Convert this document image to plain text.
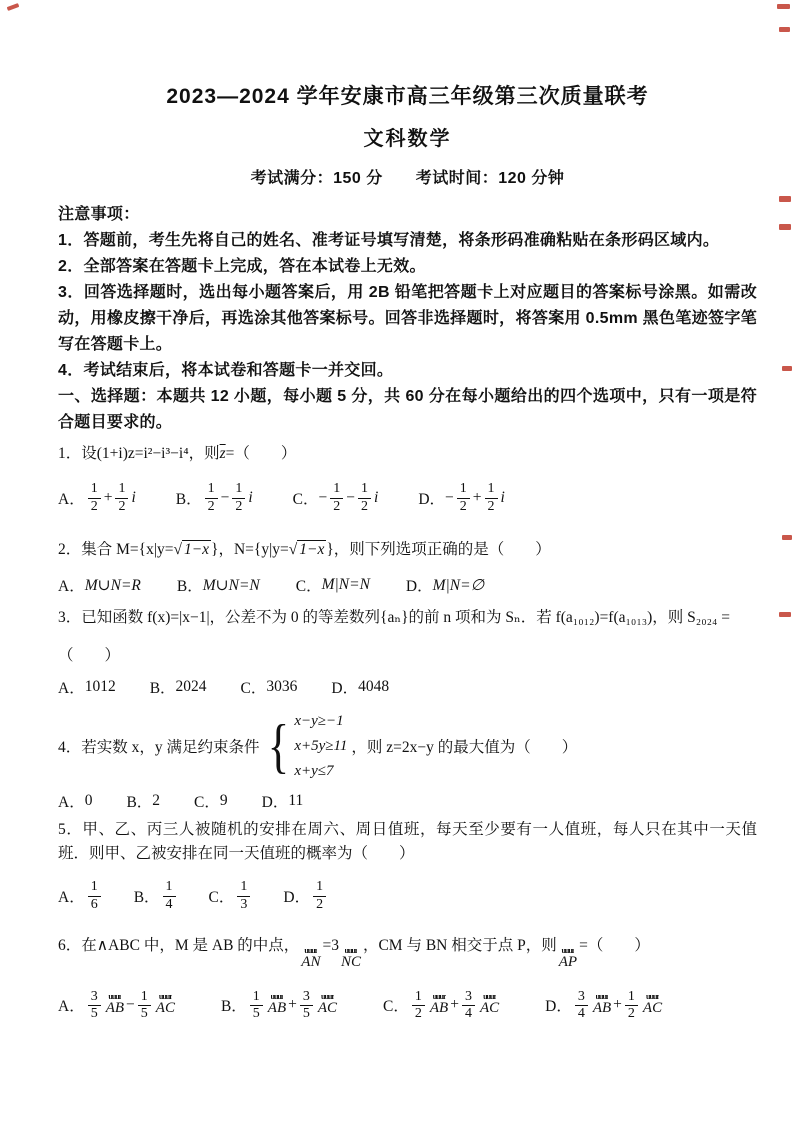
2023—2024 学年安康市高三年级第三次质量联考
文科数学
考试满分：150 分　　考试时间：120 分钟
注意事项：

1．答题前，考生先将自己的姓名、准考证号填写清楚，将条形码准确粘贴在条形码区域内。

2．全部答案在答题卡上完成，答在本试卷上无效。

3．回答选择题时，选出每小题答案后，用 2B 铅笔把答题卡上对应题目的答案标号涂黑。如需改动，用橡皮擦干净后，再选涂其他答案标号。回答非选择题时，将答案用 0.5mm 黑色笔迹签字笔写在答题卡上。

4．考试结束后，将本试卷和答题卡一并交回。

一、选择题：本题共 12 小题，每小题 5 分，共 60 分在每小题给出的四个选项中，只有一项是符合题目要求的。

1．设(1+i)z=i²−i³−i⁴，则$\overline{z}=$（　　）

A．
1
$2 + \frac{1}{2}$ i	B．
1
$2 - \frac{1}{2}$ i	C． − $\frac{1}{2} - \frac{1}{2}$ i	D． − $\frac{1}{2} + \frac{1}{2}$ i

2．集合 M={x|y=√ 1−x }，N={y|y=√ 1−x }，则下列选项正确的是（　　）

A． M∪N=R B． M∪N=N C． M|N=N D． M|N=∅

3．已知函数 f(x)=|x−1|，公差不为 0 的等差数列{aₙ}的前 n 项和为 Sₙ．若 f(a₁₀₁₂)=f(a₁₀₁₃)，则 S₂₀₂₄ =

（　　）

A． 1012 B． 2024 C． 3036 D． 4048
4．若实数 x，y 满足约束条件 { x−y≥−1
x+5y≥11
x+y≤7
，则 z=2x−y 的最大值为（　　）
A． 0 B． 2 C． 9 D． 11

5．甲、乙、丙三人被随机的安排在周六、周日值班，每天至少要有一人值班，每人只在其中一天值班．则甲、乙被安排在同一天值班的概率为（　　）

A．
1
6 B．
1
4 C．
1
3 D．
1
2

6．在∧ABC 中，M 是 AB 的中点， uuur
AN
=3 uuur
NC
，CM 与 BN 相交于点 P，则 uuur
AP
=（　　）

A．
3
5
uuur
AB − $\frac{1}{5}$ uuur
AC	B．
1
5
uuur
AB + $\frac{3}{5}$ uuur
AC	C．
1
2
uuur
AB + $\frac{3}{4}$ uuur
AC	D．
3
4
uuur
AB + $\frac{1}{2}$ uuur
AC
